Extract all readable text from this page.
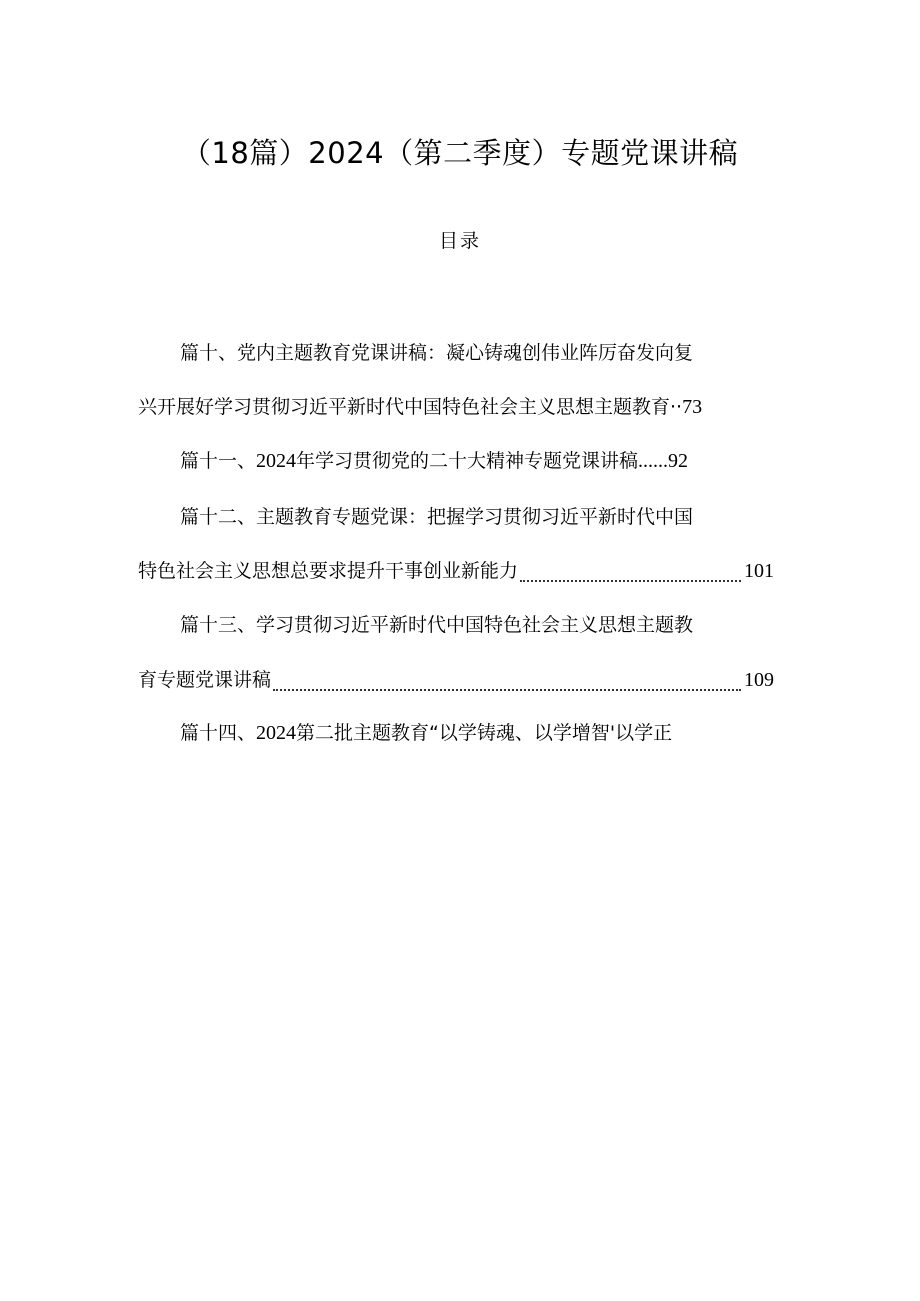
（18篇）2024（第二季度）专题党课讲稿
目录
篇十、党内主题教育党课讲稿：凝心铸魂创伟业阵厉奋发向复
兴开展好学习贯彻习近平新时代中国特色社会主义思想主题教育··73
篇十一、2024年学习贯彻党的二十大精神专题党课讲稿......92
篇十二、主题教育专题党课：把握学习贯彻习近平新时代中国
特色社会主义思想总要求提升干事创业新能力	101
篇十三、学习贯彻习近平新时代中国特色社会主义思想主题教
育专题党课讲稿	109
篇十四、2024第二批主题教育“以学铸魂、以学增智'以学正
